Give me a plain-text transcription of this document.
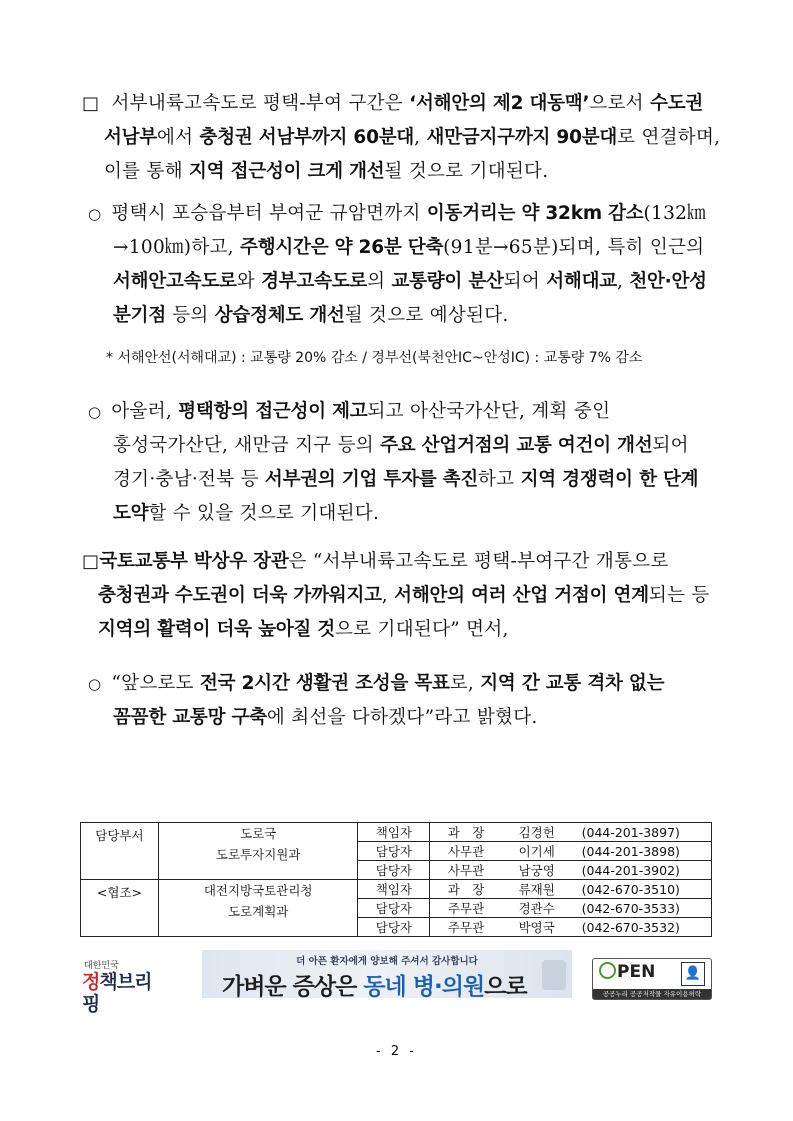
□ 서부내륙고속도로 평택-부여 구간은 ‘서해안의 제2 대동맥’으로서 수도권 서남부에서 충청권 서남부까지 60분대, 새만금지구까지 90분대로 연결하며, 이를 통해 지역 접근성이 크게 개선될 것으로 기대된다.
○ 평택시 포승읍부터 부여군 규암면까지 이동거리는 약 32km 감소(132㎞→100㎞)하고, 주행시간은 약 26분 단축(91분→65분)되며, 특히 인근의 서해안고속도로와 경부고속도로의 교통량이 분산되어 서해대교, 천안·안성 분기점 등의 상습정체도 개선될 것으로 예상된다.
* 서해안선(서해대교) : 교통량 20% 감소 / 경부선(북천안IC~안성IC) : 교통량 7% 감소
○ 아울러, 평택항의 접근성이 제고되고 아산국가산단, 계획 중인 홍성국가산단, 새만금 지구 등의 주요 산업거점의 교통 여건이 개선되어 경기·충남·전북 등 서부권의 기업 투자를 촉진하고 지역 경쟁력이 한 단계 도약할 수 있을 것으로 기대된다.
□국토교통부 박상우 장관은 “서부내륙고속도로 평택-부여구간 개통으로 충청권과 수도권이 더욱 가까워지고, 서해안의 여러 산업 거점이 연계되는 등 지역의 활력이 더욱 높아질 것으로 기대된다” 면서,
○ “앞으로도 전국 2시간 생활권 조성을 목표로, 지역 간 교통 격차 없는 꼼꼼한 교통망 구축에 최선을 다하겠다”라고 밝혔다.
담당부서	도로국
도로투자지원과	책임자	과　장	김경헌	(044-201-3897)
		담당자	사무관	이기세	(044-201-3898)
		담당자	사무관	남궁영	(044-201-3902)
<협조>	대전지방국토관리청
도로계획과	책임자	과　장	류재원	(042-670-3510)
		담당자	주무관	경관수	(042-670-3533)
		담당자	주무관	박영국	(042-670-3532)
대한민국
정책브리핑
더 아픈 환자에게 양보해 주셔서 감사합니다
가벼운 증상은 동네 병·의원으로
PEN	👤
공공누리 공공저작물 자유이용허락
- 2 -
